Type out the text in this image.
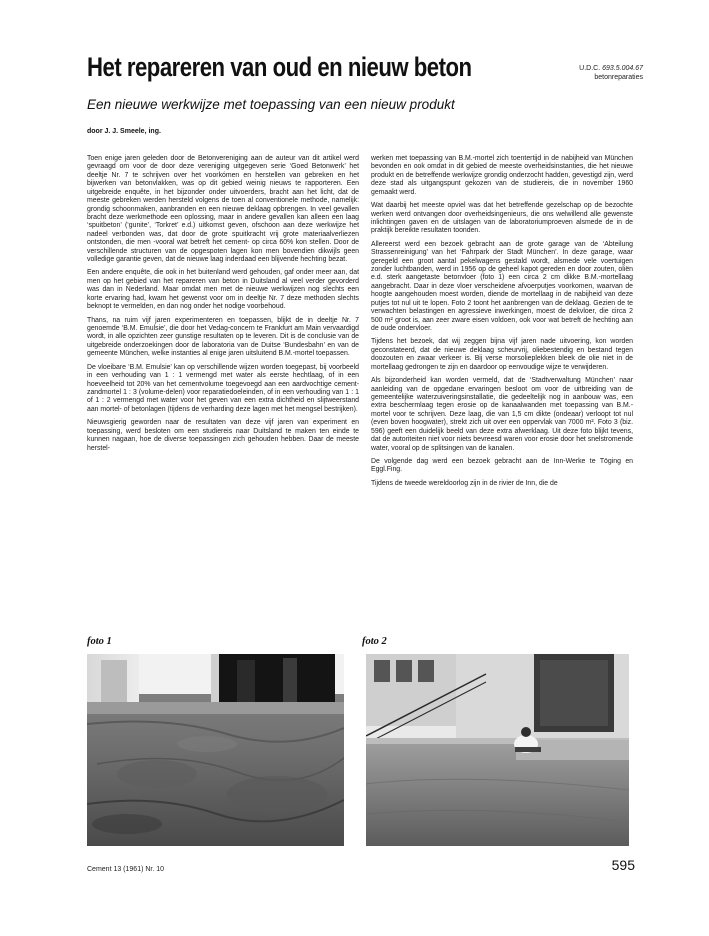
Het repareren van oud en nieuw beton	U.D.C. 693.5.004.67
betonreparaties
Een nieuwe werkwijze met toepassing van een nieuw produkt
door J. J. Smeele, ing.

Toen enige jaren geleden door de Betonvereniging aan de auteur van dit artikel werd gevraagd om voor de door deze vereniging uitgegeven serie ‘Goed Betonwerk’ het deeltje Nr. 7 te schrijven over het voorkómen en herstellen van gebreken en het bijwerken van betonvlakken, was op dit gebied weinig nieuws te rapporteren. Een uitgebreide enquête, in het bijzonder onder uitvoerders, bracht aan het licht, dat de meeste gebreken werden hersteld volgens de toen al conventionele methode, namelijk: grondig schoonmaken, aanbranden en een nieuwe deklaag opbrengen. In veel gevallen bracht deze werkmethode een oplossing, maar in andere gevallen kan alleen een laag ‘spuitbeton’ (‘gunite’, ‘Torkret’ e.d.) uitkomst geven, ofschoon aan deze werkwijze het nadeel verbonden was, dat door de grote spuitkracht vrij grote materiaalverliezen ontstonden, die men -vooral wat betreft het cement- op circa 60% kon stellen. Door de verschillende structuren van de opgespoten lagen kon men bovendien dikwijls geen volledige garantie geven, dat de nieuwe laag inderdaad een blijvende hechting bezat.

Een andere enquête, die ook in het buitenland werd gehouden, gaf onder meer aan, dat men op het gebied van het repareren van beton in Duitsland al veel verder gevorderd was dan in Nederland. Maar omdat men met de nieuwe werkwijzen nog slechts een korte ervaring had, kwam het gewenst voor om in deeltje Nr. 7 deze methoden slechts beknopt te vermelden, en dan nog onder het nodige voorbehoud.

Thans, na ruim vijf jaren experimenteren en toepassen, blijkt de in deeltje Nr. 7 genoemde ‘B.M. Emulsie’, die door het Vedag-concern te Frankfurt am Main vervaardigd wordt, in alle opzichten zeer gunstige resultaten op te leveren. Dit is de conclusie van de uitgebreide onderzoekingen door de laboratoria van de Duitse ‘Bundesbahn’ en van de gemeente München, welke instanties al enige jaren uitsluitend B.M.-mortel toepassen.

De vloeibare ‘B.M. Emulsie’ kan op verschillende wijzen worden toegepast, bij voorbeeld in een verhouding van 1 : 1 vermengd met water als eerste hechtlaag, of in een hoeveelheid tot 20% van het cementvolume toegevoegd aan een aardvochtige cement-zandmortel 1 : 3 (volume-delen) voor reparatiedoeleinden, of in een verhouding van 1 : 1 of 1 : 2 vermengd met water voor het geven van een extra dichtheid en slijtweerstand aan mortel- of betonlagen (tijdens de verharding deze lagen met het mengsel bestrijken).

Nieuwsgierig geworden naar de resultaten van deze vijf jaren van experiment en toepassing, werd besloten om een studiereis naar Duitsland te maken ten einde te kunnen nagaan, hoe de diverse toepassingen zich gehouden hebben. Daar de meeste herstel-

werken met toepassing van B.M.-mortel zich toentertijd in de nabijheid van München bevonden en ook omdat in dit gebied de meeste overheidsinstanties, die het nieuwe produkt en de betreffende werkwijze grondig onderzocht hadden, gevestigd zijn, werd deze stad als uitgangspunt gekozen van de studiereis, die in november 1960 gemaakt werd.

Wat daarbij het meeste opviel was dat het betreffende gezelschap op de bezochte werken werd ontvangen door overheidsingenieurs, die ons welwillend alle gewenste inlichtingen gaven en de uitslagen van de laboratoriumproeven alsmede de in de praktijk bereikte resultaten toonden.

Allereerst werd een bezoek gebracht aan de grote garage van de ‘Abteilung Strassenreinigung’ van het ‘Fahrpark der Stadt München’. In deze garage, waar geregeld een groot aantal pekelwagens gestald wordt, alsmede vele voertuigen zonder luchtbanden, werd in 1956 op de geheel kapot gereden en door zouten, oliën e.d. sterk aangetaste betonvloer (foto 1) een circa 2 cm dikke B.M.-mortellaag aangebracht. Daar in deze vloer verscheidene afvoerputjes voorkomen, waarvan de hoogte aangehouden moest worden, diende de mortellaag in de nabijheid van deze putjes tot nul uit te lopen. Foto 2 toont het aanbrengen van de deklaag. Gezien de te verwachten belastingen en agressieve inwerkingen, moest de dekvloer, die circa 2 500 m² groot is, aan zeer zware eisen voldoen, ook voor wat betreft de hechting aan de oude ondervloer.

Tijdens het bezoek, dat wij zeggen bijna vijf jaren nade uitvoering, kon worden geconstateerd, dat de nieuwe deklaag scheurvrij, oliebestendig en bestand tegen doozouten en zwaar verkeer is. Bij verse morsolieplekken bleek de olie niet in de mortellaag gedrongen te zijn en daardoor op eenvoudige wijze te verwijderen.

Als bijzonderheid kan worden vermeld, dat de ‘Stadtverwaltung München’ naar aanleiding van de opgedane ervaringen besloot om voor de uitbreiding van de gemeentelijke waterzuiveringsinstallatie, die gedeeltelijk nog in aanbouw was, een extra beschermlaag tegen erosie op de kanaalwanden met toepassing van B.M.-mortel voor te schrijven. Deze laag, die van 1,5 cm dikte (ondeaar) verloopt tot nul (even boven hoogwater), strekt zich uit over een oppervlak van 7000 m². Foto 3 (biz. 596) geeft een duidelijk beeld van deze extra afwerklaag. Uit deze foto blijkt tevens, dat de autoriteiten niet voor niets bevreesd waren voor erosie door het snelstromende water, vooral op de splitsingen van de kanalen.

De volgende dag werd een bezoek gebracht aan de Inn-Werke te Töging en Eggl.Fing.

Tijdens de tweede wereldoorlog zijn in de rivier de Inn, die de

foto 1	foto 2
Cement 13 (1961) Nr. 10	595
